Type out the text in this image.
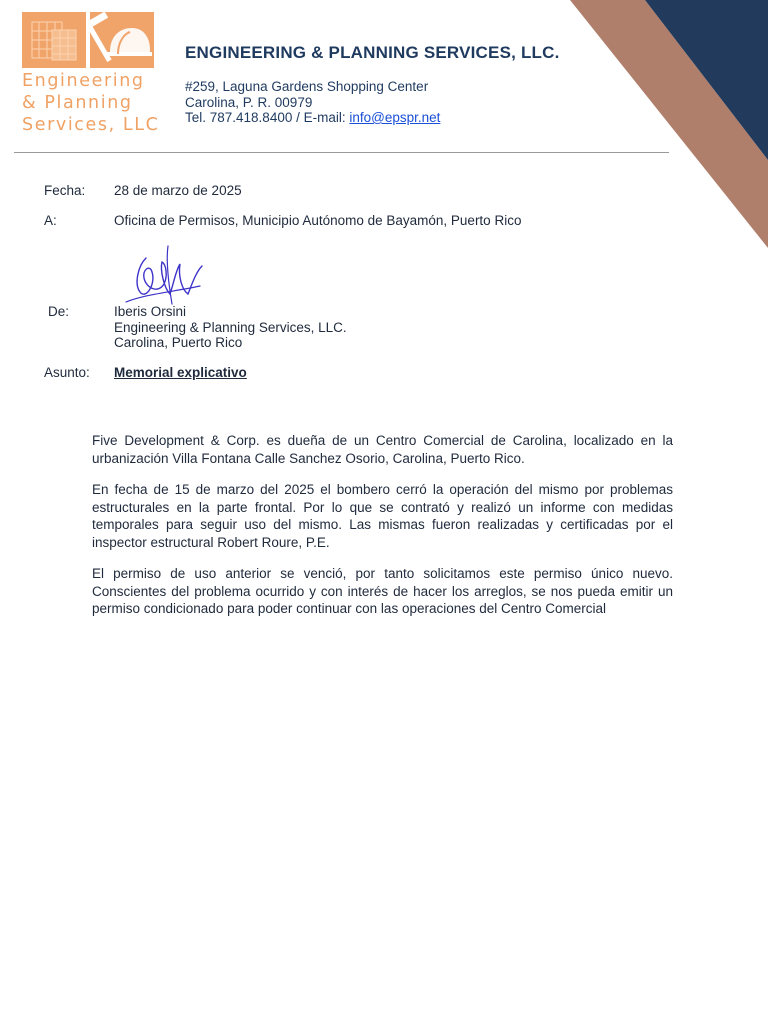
Engineering
& Planning
Services, LLC
ENGINEERING & PLANNING SERVICES, LLC.
#259, Laguna Gardens Shopping Center
Carolina, P. R. 00979
Tel. 787.418.8400 / E-mail: info@epspr.net
Fecha: 28 de marzo de 2025
A:	Oficina de Permisos, Municipio Autónomo de Bayamón, Puerto Rico
De:	Iberis Orsini
Engineering & Planning Services, LLC.
Carolina, Puerto Rico
Asunto: Memorial explicativo

Five Development & Corp. es dueña de un Centro Comercial de Carolina, localizado en la urbanización Villa Fontana Calle Sanchez Osorio, Carolina, Puerto Rico.

En fecha de 15 de marzo del 2025 el bombero cerró la operación del mismo por problemas estructurales en la parte frontal. Por lo que se contrató y realizó un informe con medidas temporales para seguir uso del mismo. Las mismas fueron realizadas y certificadas por el inspector estructural Robert Roure, P.E.

El permiso de uso anterior se venció, por tanto solicitamos este permiso único nuevo. Conscientes del problema ocurrido y con interés de hacer los arreglos, se nos pueda emitir un permiso condicionado para poder continuar con las operaciones del Centro Comercial
